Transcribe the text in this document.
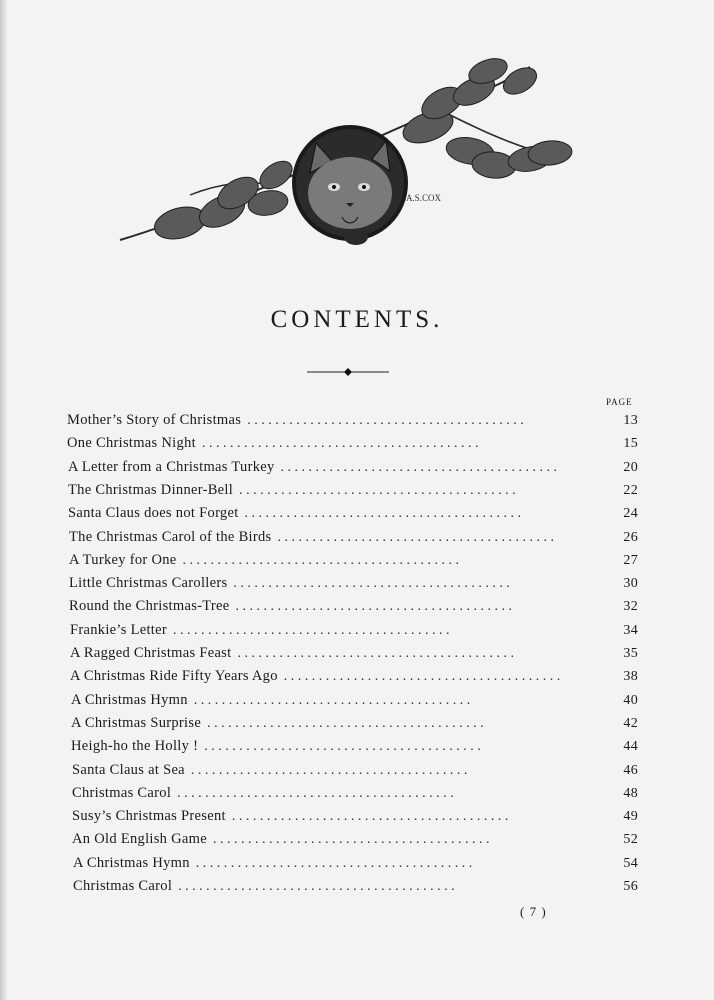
A.S.COX
CONTENTS.
PAGE
Mother’s Story of Christmas . . . . . . . . . . . . . . . . . . . . . . . . . . . . . . . . . . . . . . . .	13
One Christmas Night . . . . . . . . . . . . . . . . . . . . . . . . . . . . . . . . . . . . . . . .	15
A Letter from a Christmas Turkey . . . . . . . . . . . . . . . . . . . . . . . . . . . . . . . . . . . . . . . .	20
The Christmas Dinner-Bell . . . . . . . . . . . . . . . . . . . . . . . . . . . . . . . . . . . . . . . .	22
Santa Claus does not Forget . . . . . . . . . . . . . . . . . . . . . . . . . . . . . . . . . . . . . . . .	24
The Christmas Carol of the Birds . . . . . . . . . . . . . . . . . . . . . . . . . . . . . . . . . . . . . . . .	26
A Turkey for One . . . . . . . . . . . . . . . . . . . . . . . . . . . . . . . . . . . . . . . .	27
Little Christmas Carollers . . . . . . . . . . . . . . . . . . . . . . . . . . . . . . . . . . . . . . . .	30
Round the Christmas-Tree . . . . . . . . . . . . . . . . . . . . . . . . . . . . . . . . . . . . . . . .	32
Frankie’s Letter . . . . . . . . . . . . . . . . . . . . . . . . . . . . . . . . . . . . . . . .	34
A Ragged Christmas Feast . . . . . . . . . . . . . . . . . . . . . . . . . . . . . . . . . . . . . . . .	35
A Christmas Ride Fifty Years Ago . . . . . . . . . . . . . . . . . . . . . . . . . . . . . . . . . . . . . . . .	38
A Christmas Hymn . . . . . . . . . . . . . . . . . . . . . . . . . . . . . . . . . . . . . . . .	40
A Christmas Surprise . . . . . . . . . . . . . . . . . . . . . . . . . . . . . . . . . . . . . . . .	42
Heigh-ho the Holly ! . . . . . . . . . . . . . . . . . . . . . . . . . . . . . . . . . . . . . . . .	44
Santa Claus at Sea . . . . . . . . . . . . . . . . . . . . . . . . . . . . . . . . . . . . . . . .	46
Christmas Carol . . . . . . . . . . . . . . . . . . . . . . . . . . . . . . . . . . . . . . . .	48
Susy’s Christmas Present . . . . . . . . . . . . . . . . . . . . . . . . . . . . . . . . . . . . . . . .	49
An Old English Game . . . . . . . . . . . . . . . . . . . . . . . . . . . . . . . . . . . . . . . .	52
A Christmas Hymn . . . . . . . . . . . . . . . . . . . . . . . . . . . . . . . . . . . . . . . .	54
Christmas Carol . . . . . . . . . . . . . . . . . . . . . . . . . . . . . . . . . . . . . . . .	56
( 7 )
